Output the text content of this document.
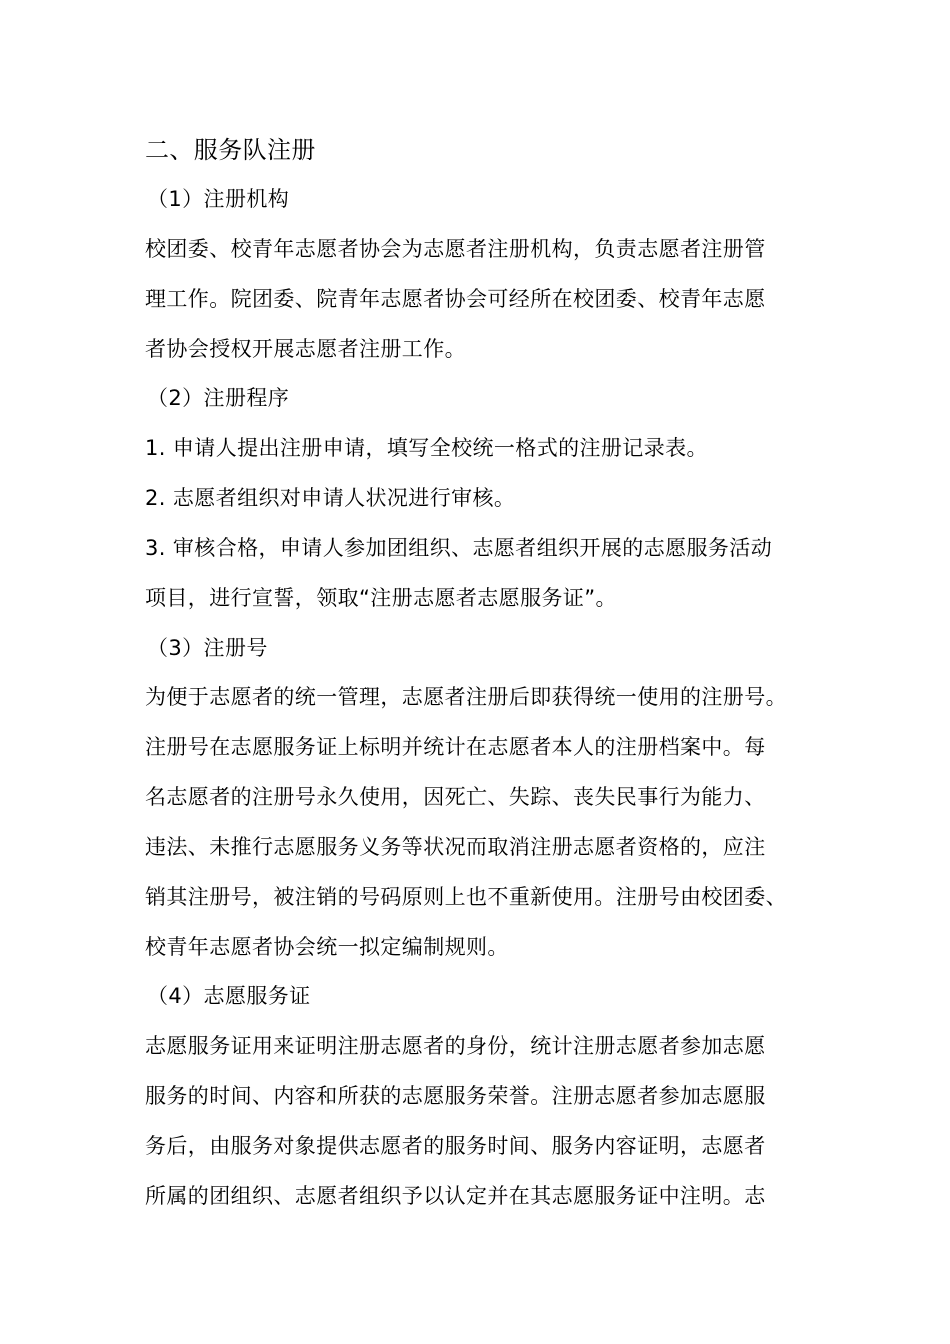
二、服务队注册
（1）注册机构
校团委、校青年志愿者协会为志愿者注册机构，负责志愿者注册管
理工作。院团委、院青年志愿者协会可经所在校团委、校青年志愿
者协会授权开展志愿者注册工作。
（2）注册程序
1. 申请人提出注册申请，填写全校统一格式的注册记录表。
2. 志愿者组织对申请人状况进行审核。
3. 审核合格，申请人参加团组织、志愿者组织开展的志愿服务活动
项目，进行宣誓，领取“注册志愿者志愿服务证”。
（3）注册号
为便于志愿者的统一管理，志愿者注册后即获得统一使用的注册号。
注册号在志愿服务证上标明并统计在志愿者本人的注册档案中。每
名志愿者的注册号永久使用，因死亡、失踪、丧失民事行为能力、
违法、未推行志愿服务义务等状况而取消注册志愿者资格的，应注
销其注册号，被注销的号码原则上也不重新使用。注册号由校团委、
校青年志愿者协会统一拟定编制规则。
（4）志愿服务证
志愿服务证用来证明注册志愿者的身份，统计注册志愿者参加志愿
服务的时间、内容和所获的志愿服务荣誉。注册志愿者参加志愿服
务后，由服务对象提供志愿者的服务时间、服务内容证明，志愿者
所属的团组织、志愿者组织予以认定并在其志愿服务证中注明。志
